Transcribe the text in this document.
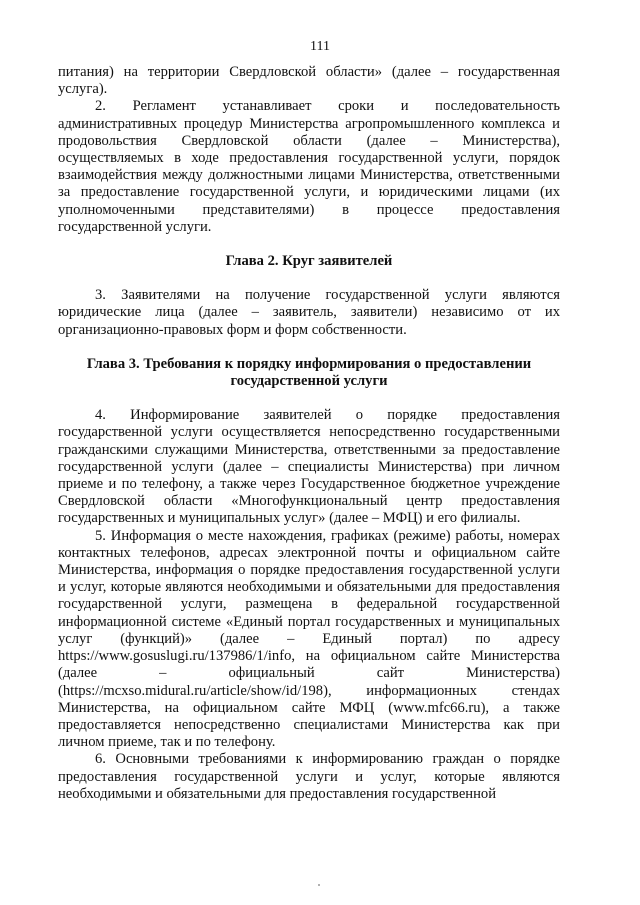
111

питания) на территории Свердловской области» (далее – государственная услуга).

2. Регламент устанавливает сроки и последовательность административных процедур Министерства агропромышленного комплекса и продовольствия Свердловской области (далее – Министерства), осуществляемых в ходе предоставления государственной услуги, порядок взаимодействия между должностными лицами Министерства, ответственными за предоставление государственной услуги, и юридическими лицами (их уполномоченными представителями) в процессе предоставления государственной услуги.

Глава 2. Круг заявителей

3. Заявителями на получение государственной услуги являются юридические лица (далее – заявитель, заявители) независимо от их организационно-правовых форм и форм собственности.

Глава 3. Требования к порядку информирования о предоставлении государственной услуги

4. Информирование заявителей о порядке предоставления государственной услуги осуществляется непосредственно государственными гражданскими служащими Министерства, ответственными за предоставление государственной услуги (далее – специалисты Министерства) при личном приеме и по телефону, а также через Государственное бюджетное учреждение Свердловской области «Многофункциональный центр предоставления государственных и муниципальных услуг» (далее – МФЦ) и его филиалы.

5. Информация о месте нахождения, графиках (режиме) работы, номерах контактных телефонов, адресах электронной почты и официальном сайте Министерства, информация о порядке предоставления государственной услуги и услуг, которые являются необходимыми и обязательными для предоставления государственной услуги, размещена в федеральной государственной информационной системе «Единый портал государственных и муниципальных услуг (функций)» (далее – Единый портал) по адресу https://www.gosuslugi.ru/137986/1/info, на официальном сайте Министерства (далее – официальный сайт Министерства) (https://mcxso.midural.ru/article/show/id/198), информационных стендах Министерства, на официальном сайте МФЦ (www.mfc66.ru), а также предоставляется непосредственно специалистами Министерства как при личном приеме, так и по телефону.

6. Основными требованиями к информированию граждан о порядке предоставления государственной услуги и услуг, которые являются необходимыми и обязательными для предоставления государственной
